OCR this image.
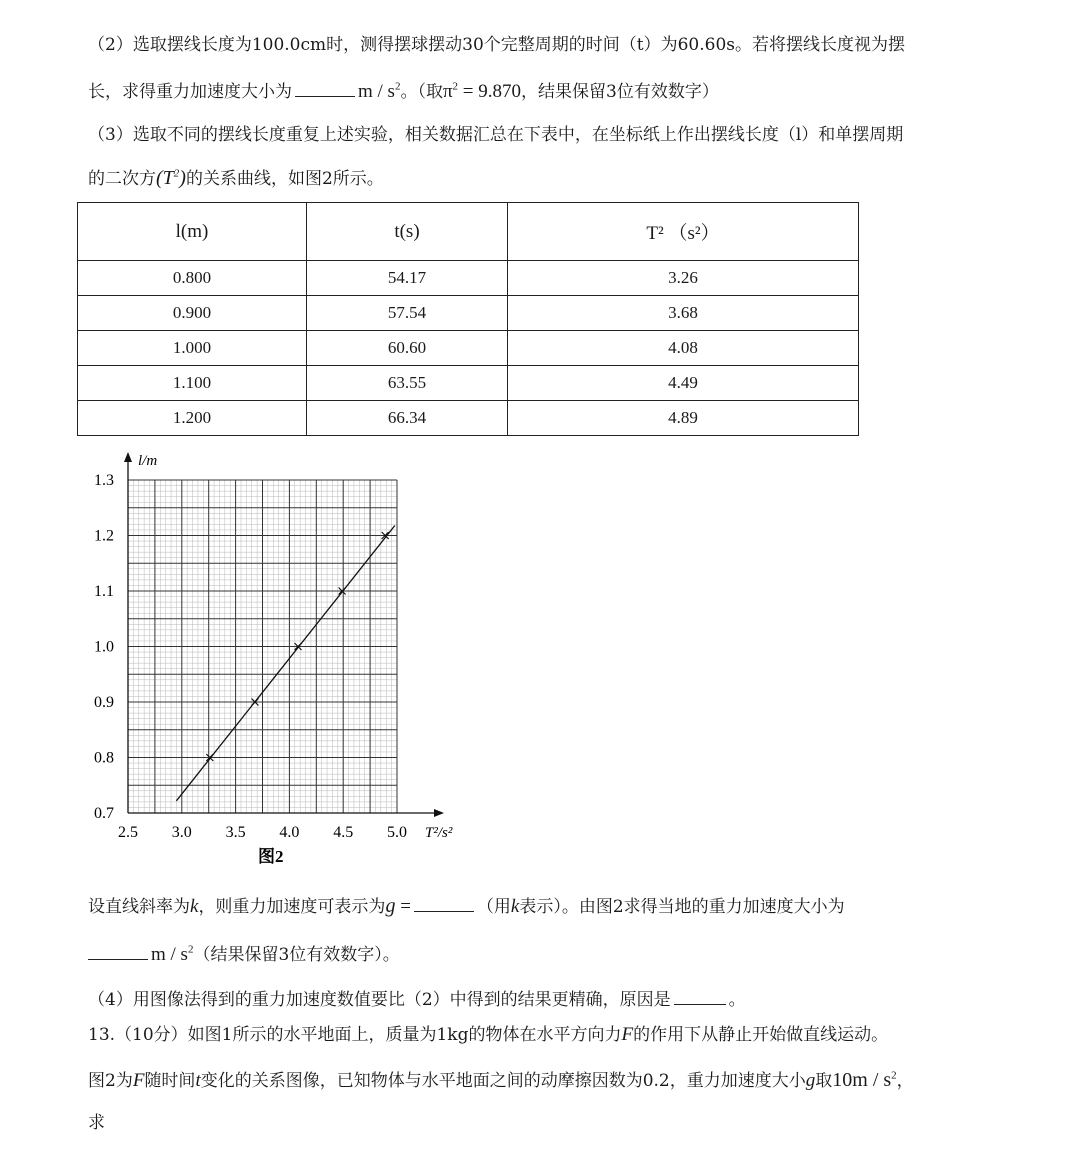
（2）选取摆线长度为100.0cm时，测得摆球摆动30个完整周期的时间（t）为60.60s。若将摆线长度视为摆
长，求得重力加速度大小为	m / $s^2$。（取$\pi^2 = 9.870$，结果保留3位有效数字）
（3）选取不同的摆线长度重复上述实验，相关数据汇总在下表中，在坐标纸上作出摆线长度（l）和单摆周期
的二次方$(T^2)$的关系曲线，如图2所示。
l(m)	t(s)	T² （s²）
0.800	54.17	3.26
0.900	57.54	3.68
1.000	60.60	4.08
1.100	63.55	4.49
1.200	66.34	4.89
2.5 3.0 3.5 4.0 4.5 5.0
0.7
0.8
0.9
1.0
1.1
1.2
1.3
l/m
T²/s²
图2
设直线斜率为k，则重力加速度可表示为g =	（用k表示）。由图2求得当地的重力加速度大小为
m / $s^2$（结果保留3位有效数字）。
（4）用图像法得到的重力加速度数值要比（2）中得到的结果更精确，原因是	。
13.（10分）如图1所示的水平地面上，质量为1kg的物体在水平方向力F的作用下从静止开始做直线运动。
图2为F随时间t变化的关系图像，已知物体与水平地面之间的动摩擦因数为0.2，重力加速度大小g取$10m / s^2$，
求
